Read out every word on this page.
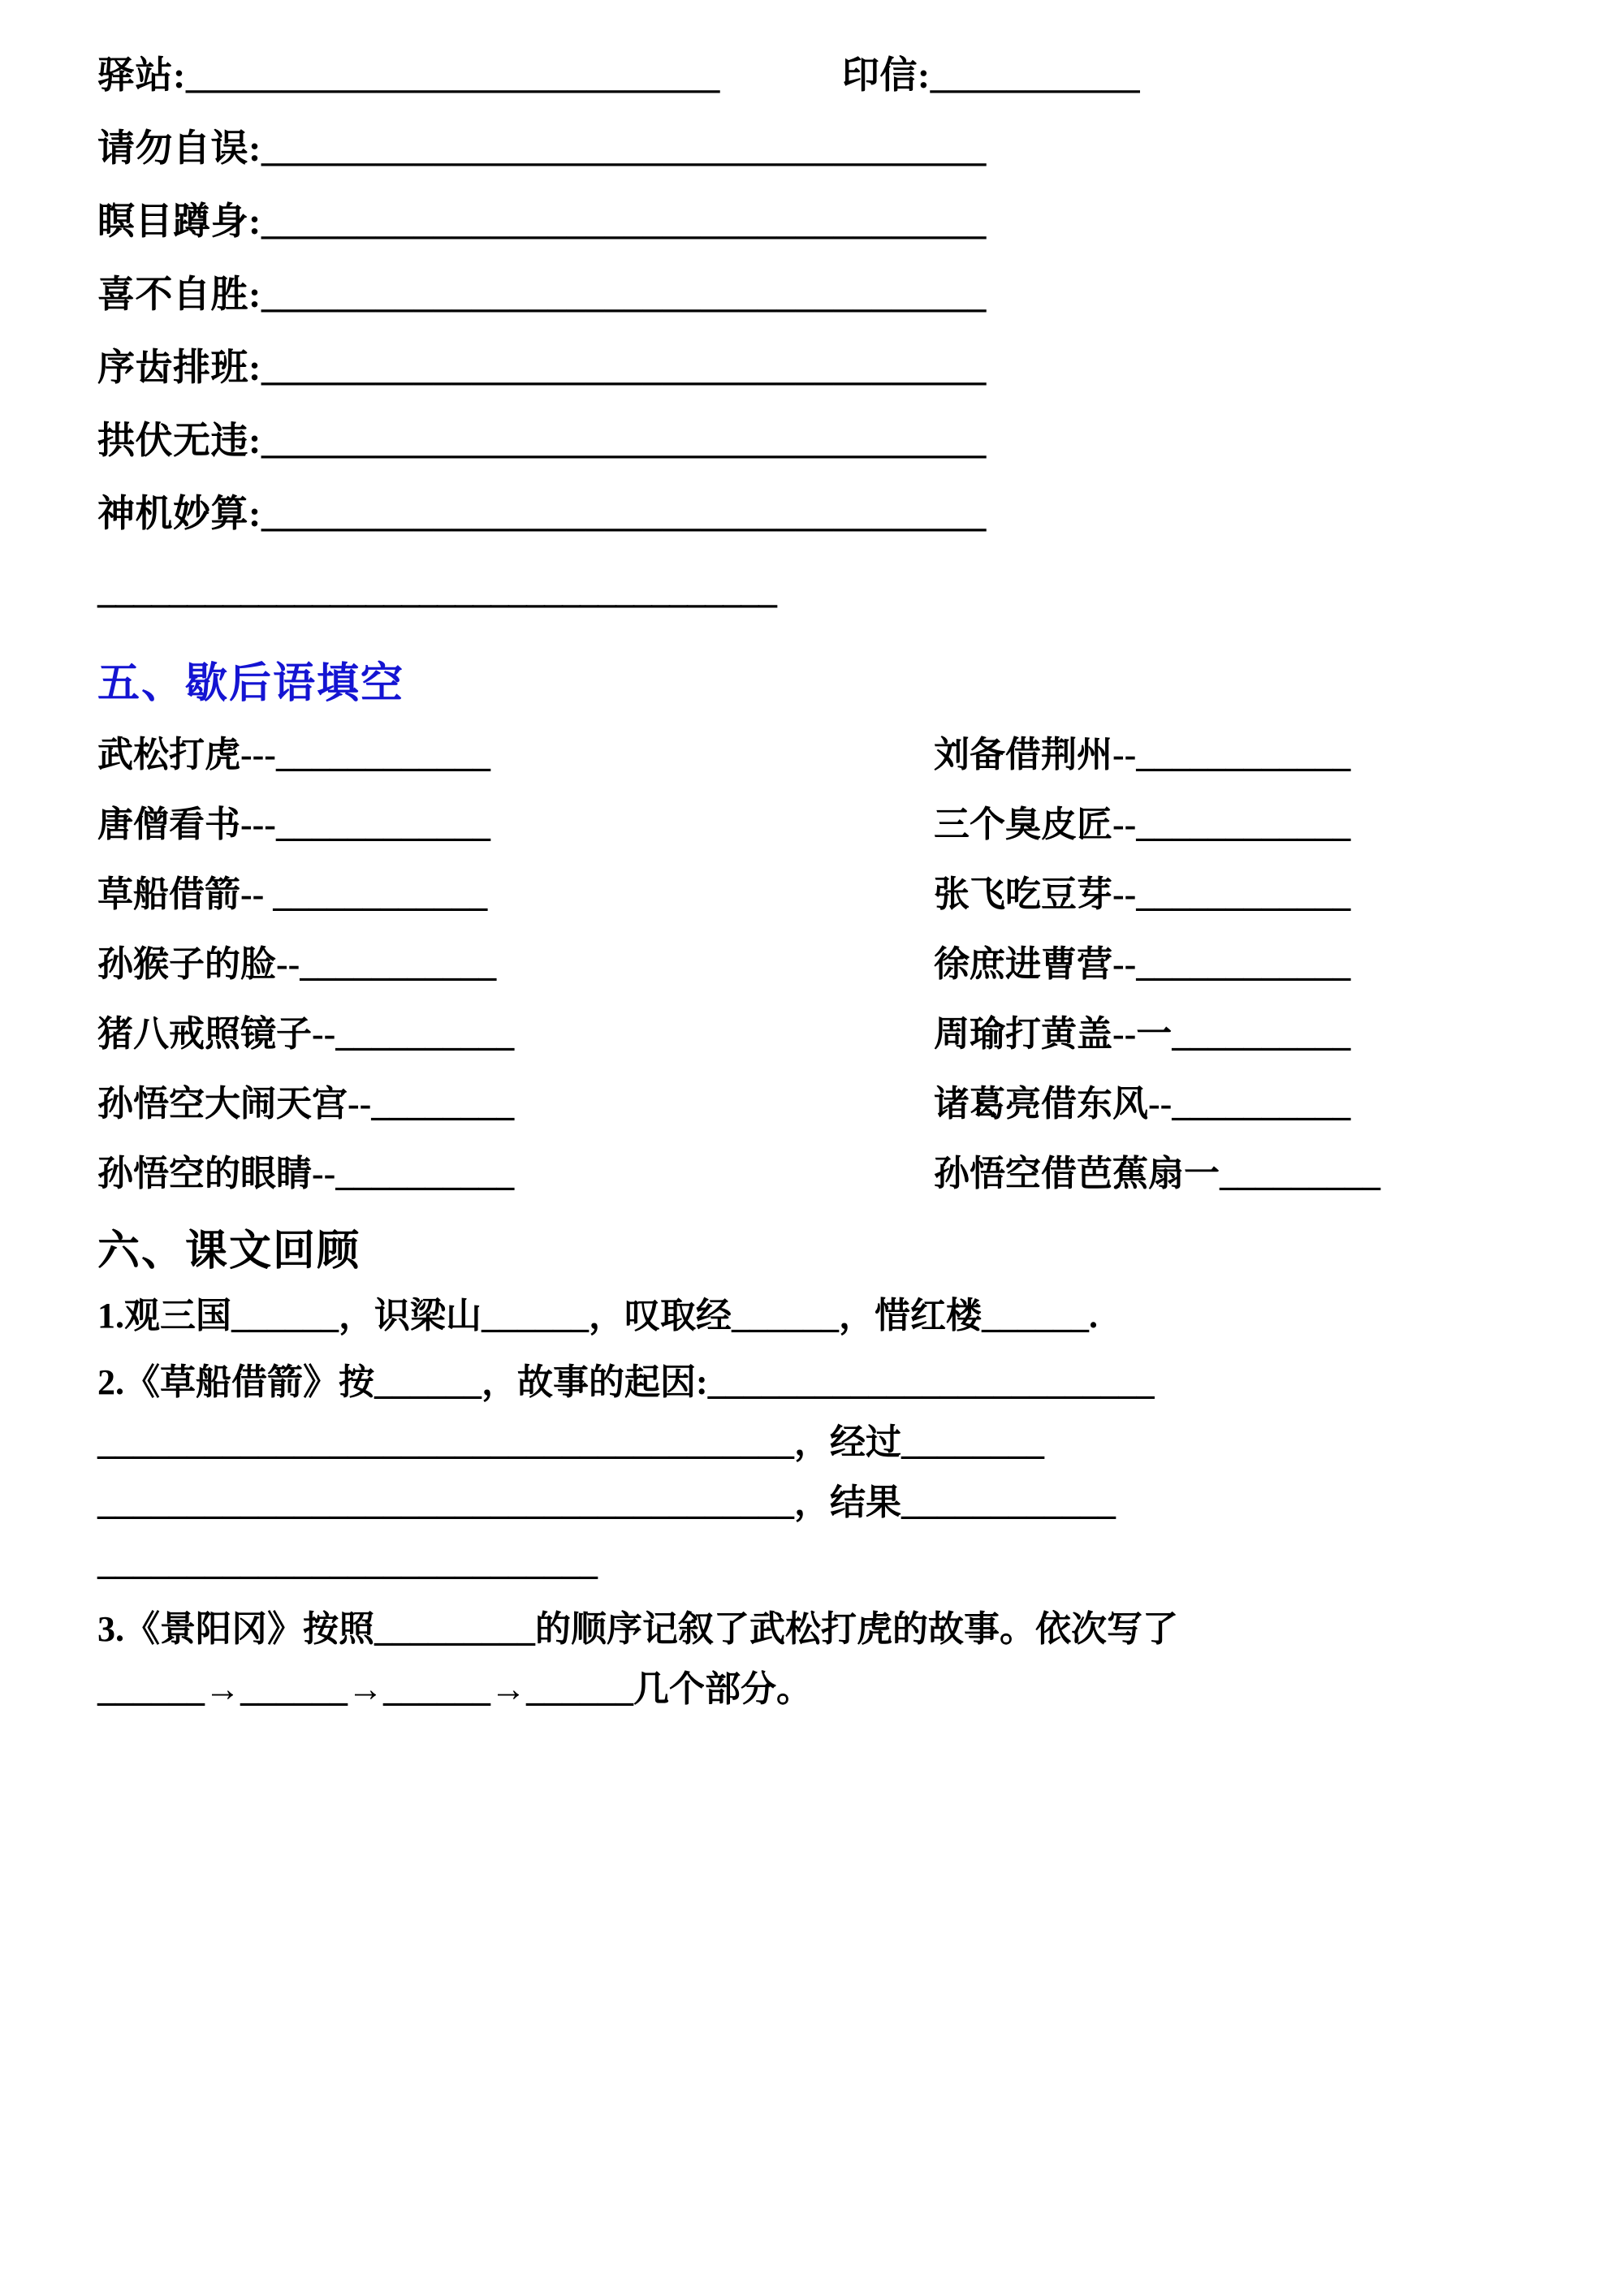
驿站:____________________________	印信:___________
请勿自误:______________________________________
瞑目蹲身:______________________________________
喜不自胜:______________________________________
序齿排班:______________________________________
拱伏无违:______________________________________
神机妙算:______________________________________
______________________________________
五、歇后语填空
武松打虎---____________	刘备借荆州--____________
唐僧看书---____________	三个臭皮匠--____________
草船借箭-- ____________	张飞吃豆芽--____________
孙猴子的脸--___________	徐庶进曹营--____________
猪八戒照镜子--__________	周瑜打黄盖--一__________
孙悟空大闹天宫--________	诸葛亮借东风--__________
孙悟空的眼睛--__________	孙悟空借芭蕉扇一_________
六、课文回顾
1.观三国______，识梁山______，叹取经______，惜红楼______.
2.《草船借箭》按______，故事的起因:_________________________
_______________________________________，经过________
_______________________________________，结果____________
____________________________
3.《景阳冈》按照_________的顺序记叙了武松打虎的故事。依次写了
______→______→______→______几个部分。
